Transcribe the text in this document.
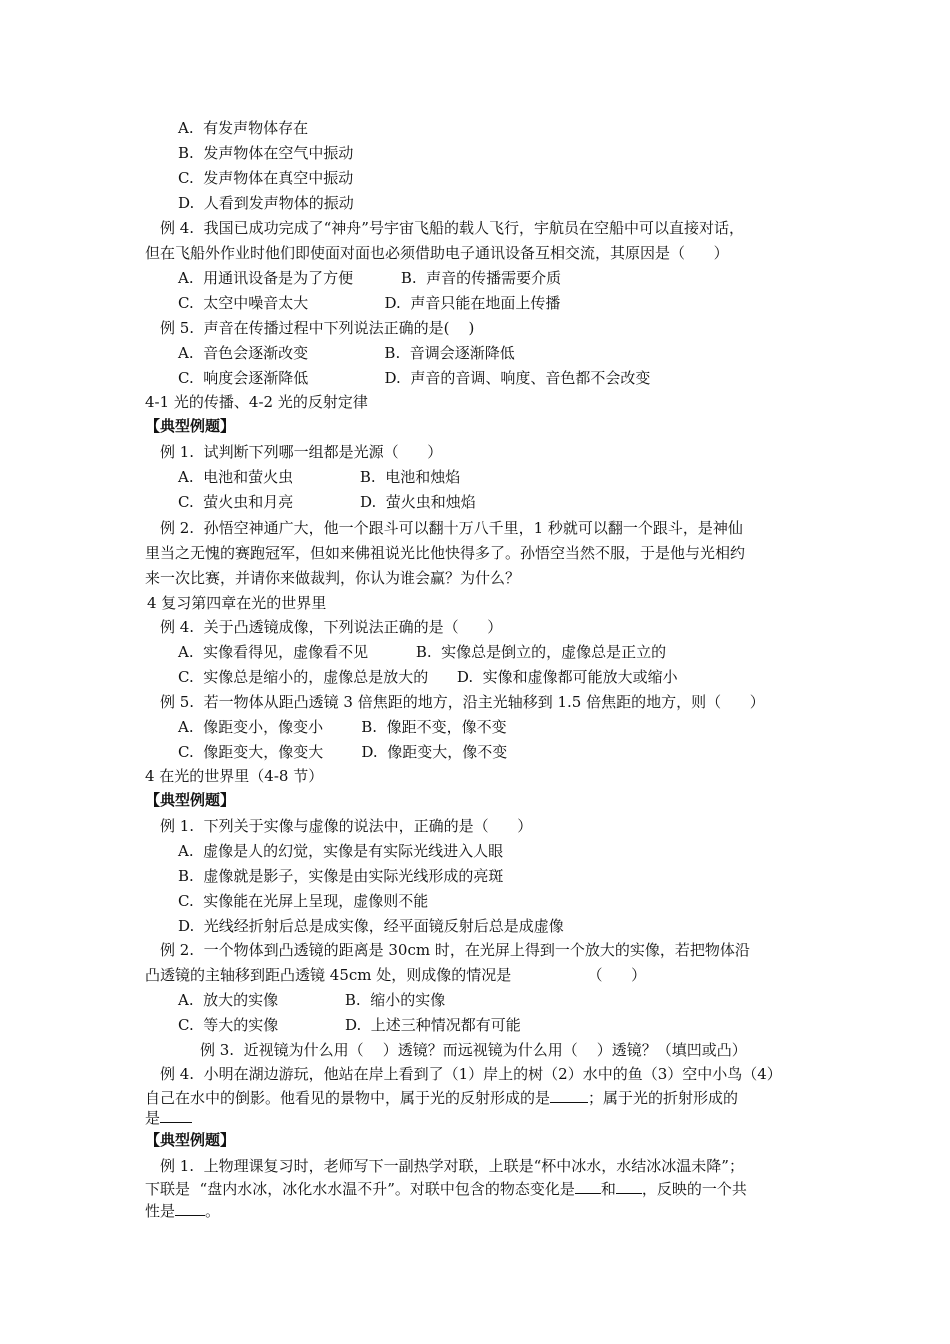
A.  有发声物体存在
B.  发声物体在空气中振动
C.  发声物体在真空中振动
D.  人看到发声物体的振动
例 4.  我国已成功完成了“神舟”号宇宙飞船的载人飞行，宇航员在空船中可以直接对话，
但在飞船外作业时他们即使面对面也必须借助电子通讯设备互相交流，其原因是（      ）
A.  用通讯设备是为了方便          B.  声音的传播需要介质
C.  太空中噪音太大                D.  声音只能在地面上传播
例 5.  声音在传播过程中下列说法正确的是(    )
A.  音色会逐渐改变                B.  音调会逐渐降低
C.  响度会逐渐降低                D.  声音的音调、响度、音色都不会改变
4-1 光的传播、4-2 光的反射定律
【典型例题】
例 1.  试判断下列哪一组都是光源（      ）
A.  电池和萤火虫              B.  电池和烛焰
C.  萤火虫和月亮              D.  萤火虫和烛焰
例 2.  孙悟空神通广大，他一个跟斗可以翻十万八千里，1 秒就可以翻一个跟斗，是神仙
里当之无愧的赛跑冠军，但如来佛祖说光比他快得多了。孙悟空当然不服，于是他与光相约
来一次比赛，并请你来做裁判，你认为谁会赢？为什么？
4 复习第四章在光的世界里
例 4.  关于凸透镜成像，下列说法正确的是（      ）
A.  实像看得见，虚像看不见          B.  实像总是倒立的，虚像总是正立的
C.  实像总是缩小的，虚像总是放大的      D.  实像和虚像都可能放大或缩小
例 5.  若一物体从距凸透镜 3 倍焦距的地方，沿主光轴移到 1.5 倍焦距的地方，则（      ）
A.  像距变小，像变小        B.  像距不变，像不变
C.  像距变大，像变大        D.  像距变大，像不变
4 在光的世界里（4-8 节）
【典型例题】
例 1.  下列关于实像与虚像的说法中，正确的是（      ）
A.  虚像是人的幻觉，实像是有实际光线进入人眼
B.  虚像就是影子，实像是由实际光线形成的亮斑
C.  实像能在光屏上呈现，虚像则不能
D.  光线经折射后总是成实像，经平面镜反射后总是成虚像
例 2.  一个物体到凸透镜的距离是 30cm 时，在光屏上得到一个放大的实像，若把物体沿
凸透镜的主轴移到距凸透镜 45cm 处，则成像的情况是                （      ）
A.  放大的实像              B.  缩小的实像
C.  等大的实像              D.  上述三种情况都有可能
例 3.  近视镜为什么用（    ）透镜？而远视镜为什么用（    ）透镜？（填凹或凸）
例 4.  小明在湖边游玩，他站在岸上看到了（1）岸上的树（2）水中的鱼（3）空中小鸟（4）
自己在水中的倒影。他看见的景物中，属于光的反射形成的是	；属于光的折射形成的
是
【典型例题】
例 1.  上物理课复习时，老师写下一副热学对联，上联是“杯中冰水，水结冰冰温未降”；
下联是  “盘内水冰，冰化水水温不升”。对联中包含的物态变化是 和 ，反映的一个共
性是 。
